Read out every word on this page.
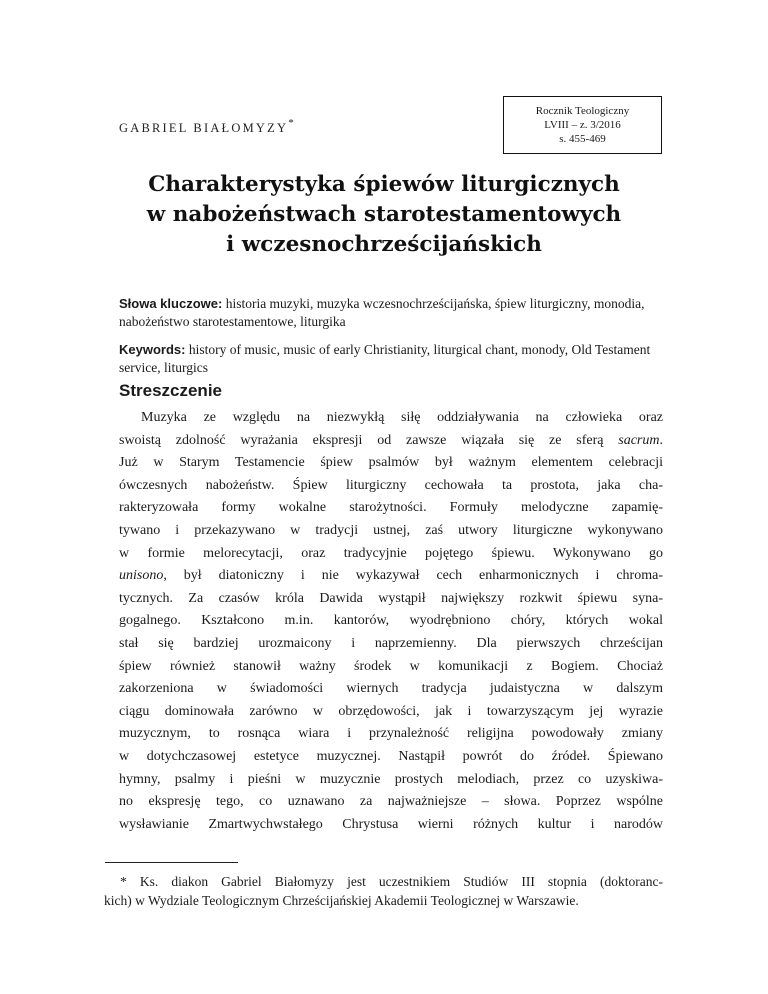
GABRIEL BIAŁOMYZY*
Rocznik Teologiczny
LVIII – z. 3/2016
s. 455-469
Charakterystyka śpiewów liturgicznych
w nabożeństwach starotestamentowych
i wczesnochrześcijańskich
Słowa kluczowe: historia muzyki, muzyka wczesnochrześcijańska, śpiew liturgiczny, monodia, nabożeństwo starotestamentowe, liturgika
Keywords: history of music, music of early Christianity, liturgical chant, monody, Old Testament service, liturgics
Streszczenie
Muzyka ze względu na niezwykłą siłę oddziaływania na człowieka oraz
swoistą zdolność wyrażania ekspresji od zawsze wiązała się ze sferą sacrum.
Już w Starym Testamencie śpiew psalmów był ważnym elementem celebracji
ówczesnych nabożeństw. Śpiew liturgiczny cechowała ta prostota, jaka cha-
rakteryzowała formy wokalne starożytności. Formuły melodyczne zapamię-
tywano i przekazywano w tradycji ustnej, zaś utwory liturgiczne wykonywano
w formie melorecytacji, oraz tradycyjnie pojętego śpiewu. Wykonywano go
unisono, był diatoniczny i nie wykazywał cech enharmonicznych i chroma-
tycznych. Za czasów króla Dawida wystąpił największy rozkwit śpiewu syna-
gogalnego. Kształcono m.in. kantorów, wyodrębniono chóry, których wokal
stał się bardziej urozmaicony i naprzemienny. Dla pierwszych chrześcijan
śpiew również stanowił ważny środek w komunikacji z Bogiem. Chociaż
zakorzeniona w świadomości wiernych tradycja judaistyczna w dalszym
ciągu dominowała zarówno w obrzędowości, jak i towarzyszącym jej wyrazie
muzycznym, to rosnąca wiara i przynależność religijna powodowały zmiany
w dotychczasowej estetyce muzycznej. Nastąpił powrót do źródeł. Śpiewano
hymny, psalmy i pieśni w muzycznie prostych melodiach, przez co uzyskiwa-
no ekspresję tego, co uznawano za najważniejsze – słowa. Poprzez wspólne
wysławianie Zmartwychwstałego Chrystusa wierni różnych kultur i narodów
* Ks. diakon Gabriel Białomyzy jest uczestnikiem Studiów III stopnia (doktoranc-
kich) w Wydziale Teologicznym Chrześcijańskiej Akademii Teologicznej w Warszawie.
